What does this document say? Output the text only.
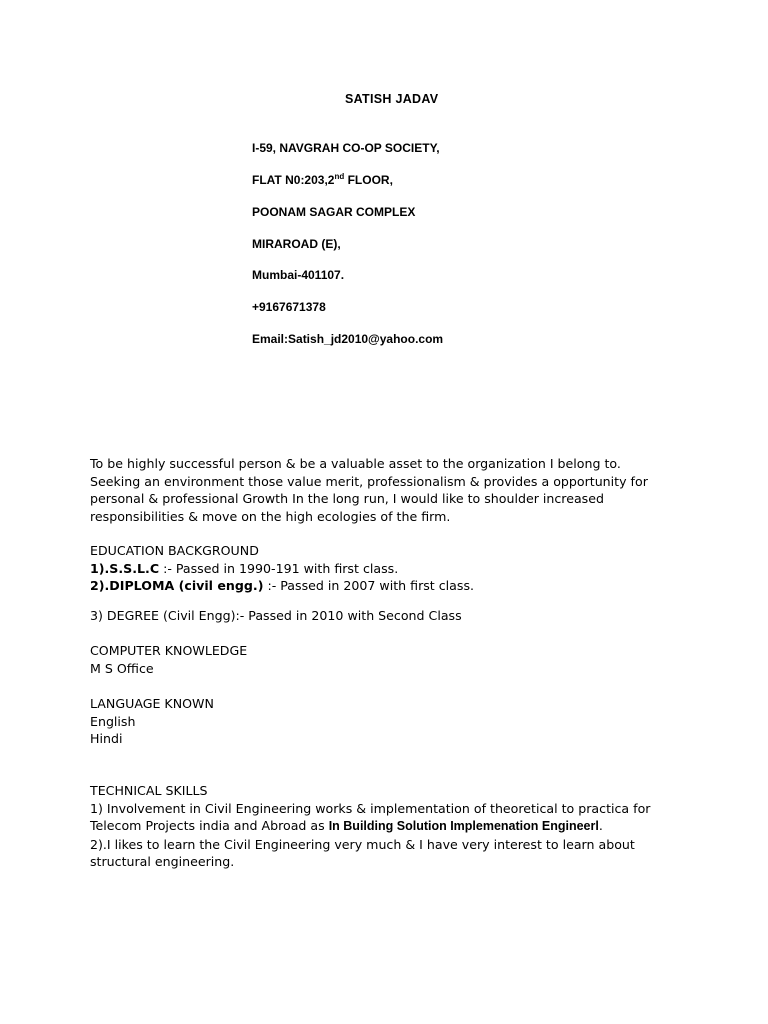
SATISH JADAV
I-59, NAVGRAH CO-OP SOCIETY,
FLAT N0:203,2nd FLOOR,
POONAM SAGAR COMPLEX
MIRAROAD (E),
Mumbai-401107.
+9167671378
Email:Satish_jd2010@yahoo.com
To be highly successful person & be a valuable asset to the organization I belong to.
Seeking an environment those value merit, professionalism & provides a opportunity for
personal & professional Growth In the long run, I would like to shoulder increased
responsibilities & move on the high ecologies of the firm.
EDUCATION BACKGROUND
1).S.S.L.C :- Passed in 1990-191 with first class.
2).DIPLOMA (civil engg.) :- Passed in 2007 with first class.
3) DEGREE (Civil Engg):- Passed in 2010 with Second Class
COMPUTER KNOWLEDGE
M S Office
LANGUAGE KNOWN
English
Hindi
TECHNICAL SKILLS
1) Involvement in Civil Engineering works & implementation of theoretical to practica for
Telecom Projects india and Abroad as In Building Solution Implemenation Engineerl.
2).I likes to learn the Civil Engineering very much & I have very interest to learn about
structural engineering.
